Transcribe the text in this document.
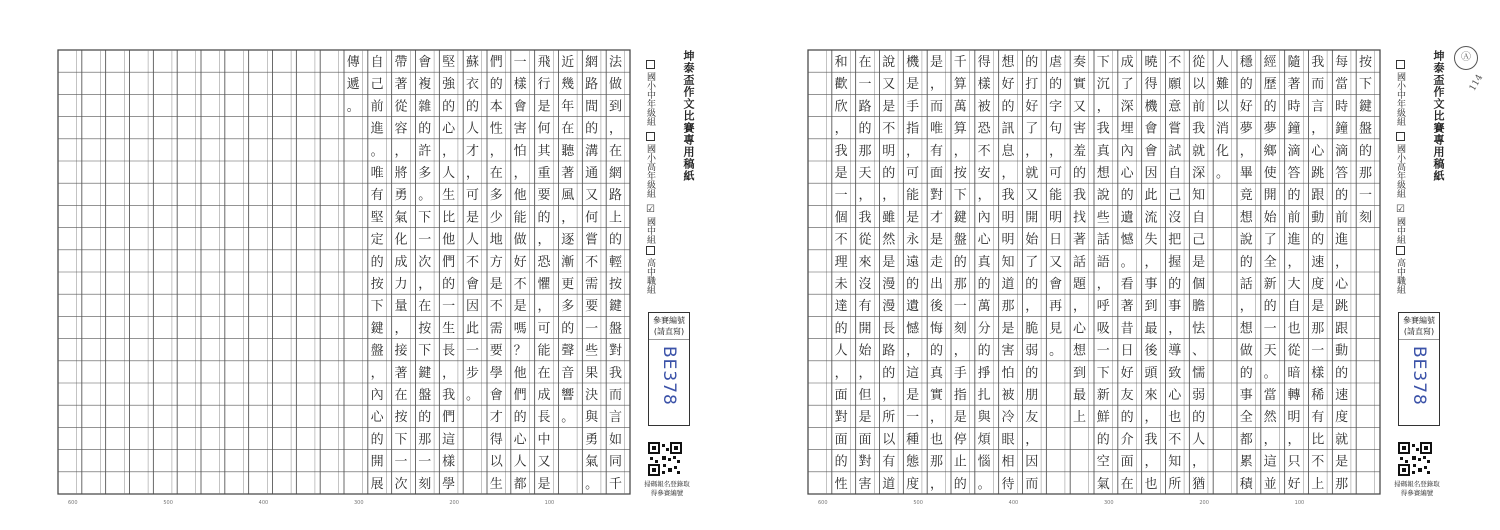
法
做
到
，
在
網
路
上
的
輕
按
鍵
盤
對
我
而
言
如
同
千
網
路
間
的
溝
通
又
何
嘗
不
需
要
一
些
果
決
與
勇
氣
。
近
幾
年
在
聽
著
風
，
逐
漸
更
多
的
聲
音
響
。
飛
行
是
何
其
重
要
的
，
恐
懼
，
可
能
在
成
長
中
又
是
一
樣
會
害
怕
，
他
能
做
好
不
是
嗎
？
他
們
的
心
人
都
們
的
本
性
，
在
多
少
地
方
是
不
需
要
學
會
才
得
以
生
蘇
衣
的
人
才
，
可
是
人
不
會
因
此
一
步
。
堅
強
的
心
，
人
生
比
他
們
的
一
生
長
，
我
們
這
樣
學
會
複
雜
的
許
多
。
下
一
次
，
在
按
下
鍵
盤
的
那
一
刻
帶
著
從
容
，
將
勇
氣
化
成
力
量
，
接
著
在
按
下
一
次
自
己
前
進
。
唯
有
堅
定
的
按
下
鍵
盤
，
內
心
的
開
展
傳
遞
。
600	500	400	300	200	100
坤泰盃作文比賽專用稿紙
國小中年級組
國小高年級組
☑國中組
高中職組
參賽編號(請直寫)
BE378
掃碼報名登錄取得參賽編號
按
下
鍵
盤
的
那
一
刻
每
當
時
鐘
滴
答
的
前
進
，
心
跳
跟
動
的
速
度
就
是
那
我
而
言
，
心
跳
跟
動
的
速
度
是
那
一
樣
稀
有
比
不
上
隨
著
時
鐘
滴
答
的
前
進
，
大
自
也
從
暗
轉
明
，
只
好
經
歷
的
夢
鄉
使
開
始
了
全
新
的
一
天
。
當
然
，
這
並
穩
的
好
夢
，
畢
竟
想
說
的
話
，
想
做
的
事
全
都
累
積
人
難
以
消
化
。
從
以
前
我
就
深
知
自
己
是
個
膽
怯
、
懦
弱
的
人
，
猶
不
願
意
嘗
試
自
己
沒
把
握
的
事
，
導
致
心
也
不
知
所
曉
得
機
會
會
因
此
流
失
，
事
到
最
後
頭
來
，
我
，
也
成
了
深
埋
內
心
的
遺
憾
。
看
著
昔
日
好
友
的
介
面
在
下
沉
，
我
真
想
說
些
話
語
，
呼
吸
一
下
新
鮮
的
空
氣
奏
實
又
害
羞
的
我
找
著
話
題
，
心
想
到
最
上
虐
的
字
句
，
可
能
明
日
又
會
再
見
。
的
打
好
了
，
就
又
開
始
了
的
，
脆
弱
的
朋
友
，
因
而
想
好
的
訊
息
，
我
明
明
知
道
那
是
害
怕
被
冷
眼
相
待
得
樣
被
恐
不
安
，
內
心
真
的
萬
分
的
掙
扎
與
煩
惱
。
千
算
萬
算
，
按
下
鍵
盤
的
那
一
刻
，
手
指
是
停
止
的
是
，
而
唯
有
面
對
才
是
走
出
後
悔
的
真
實
，
也
那
，
機
是
手
指
，
可
能
是
永
遠
的
遺
憾
，
這
是
一
種
態
度
說
又
是
不
明
的
，
雖
然
是
漫
漫
長
路
的
，
所
以
有
道
在
一
路
的
那
天
，
我
從
來
沒
有
開
始
，
但
是
面
對
害
和
歡
欣
，
我
是
一
個
不
理
未
達
的
人
，
面
對
面
的
性
600	500	400	300	200	100
Ⓐ
114
坤泰盃作文比賽專用稿紙
國小中年級組
國小高年級組
☑國中組
高中職組
參賽編號(請直寫)
BE378
掃碼報名登錄取得參賽編號
